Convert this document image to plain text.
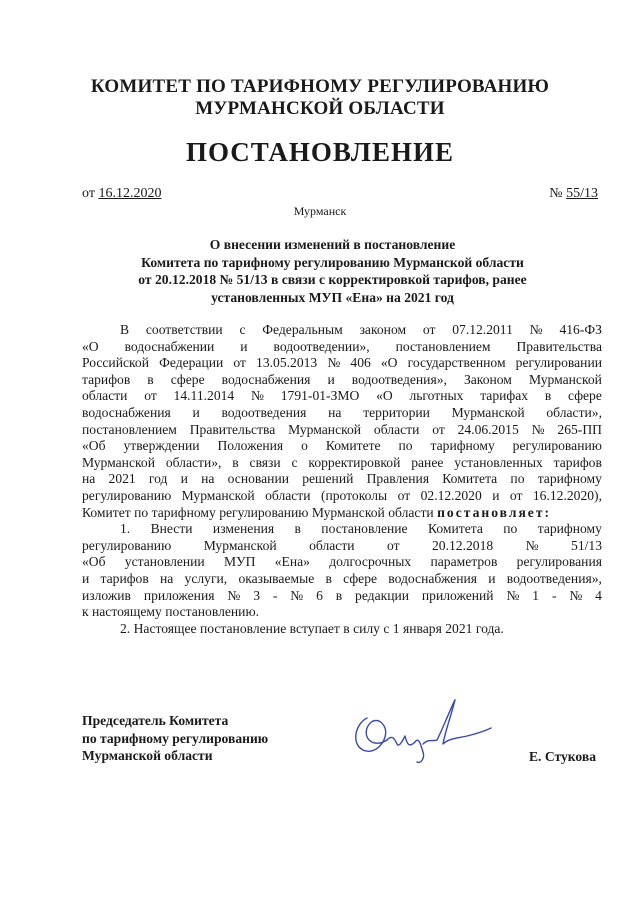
КОМИТЕТ ПО ТАРИФНОМУ РЕГУЛИРОВАНИЮ
МУРМАНСКОЙ ОБЛАСТИ
ПОСТАНОВЛЕНИЕ
от 16.12.2020	№ 55/13
Мурманск
О внесении изменений в постановление
Комитета по тарифному регулированию Мурманской области
от 20.12.2018 № 51/13 в связи с корректировкой тарифов, ранее
установленных МУП «Ена» на 2021 год
В соответствии с Федеральным законом от 07.12.2011 № 416-ФЗ
«О водоснабжении и водоотведении», постановлением Правительства
Российской Федерации от 13.05.2013 № 406 «О государственном регулировании
тарифов в сфере водоснабжения и водоотведения», Законом Мурманской
области от 14.11.2014 № 1791-01-ЗМО «О льготных тарифах в сфере
водоснабжения и водоотведения на территории Мурманской области»,
постановлением Правительства Мурманской области от 24.06.2015 № 265-ПП
«Об утверждении Положения о Комитете по тарифному регулированию
Мурманской области», в связи с корректировкой ранее установленных тарифов
на 2021 год и на основании решений Правления Комитета по тарифному
регулированию Мурманской области (протоколы от 02.12.2020 и от 16.12.2020),
Комитет по тарифному регулированию Мурманской области постановляет:
1. Внести изменения в постановление Комитета по тарифному
регулированию Мурманской области от 20.12.2018 № 51/13
«Об установлении МУП «Ена» долгосрочных параметров регулирования
и тарифов на услуги, оказываемые в сфере водоснабжения и водоотведения»,
изложив приложения № 3 - № 6 в редакции приложений № 1 - № 4
к настоящему постановлению.
2. Настоящее постановление вступает в силу с 1 января 2021 года.
Председатель Комитета
по тарифному регулированию
Мурманской области	Е. Стукова
